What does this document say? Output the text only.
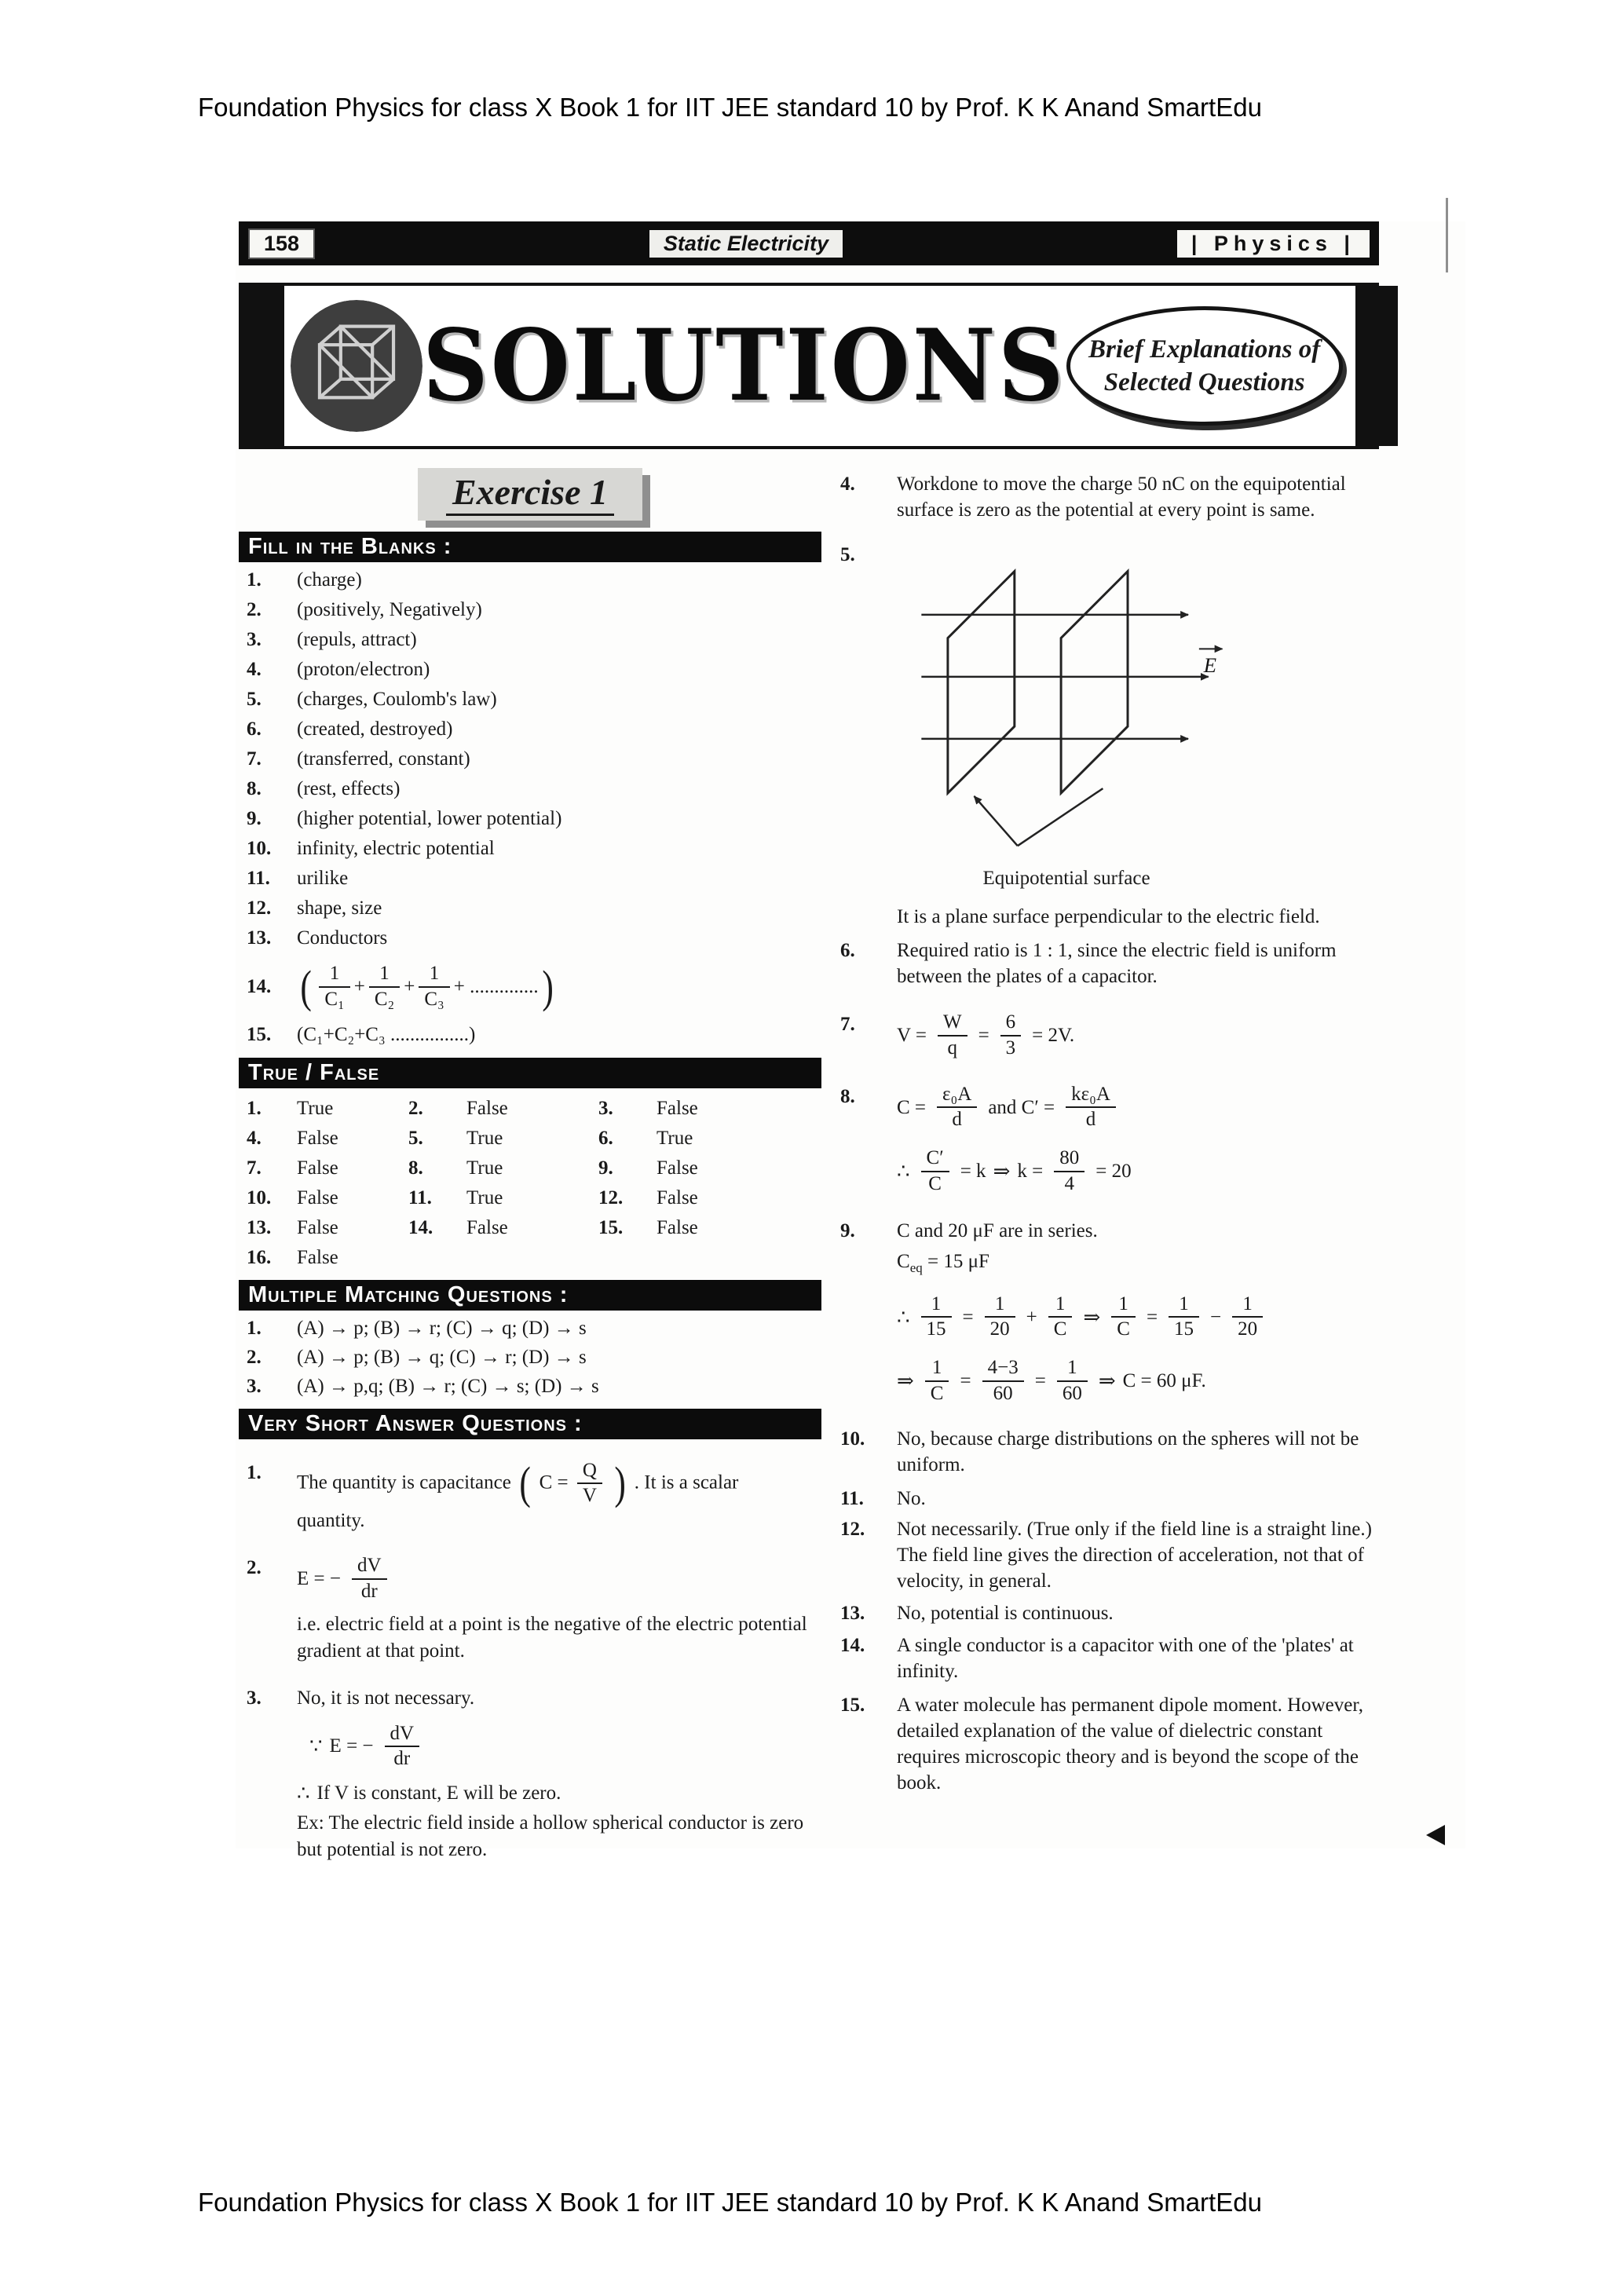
Foundation Physics for class X Book 1 for IIT JEE standard 10 by Prof. K K Anand SmartEdu
158	Static Electricity	| Physics |
SOLUTIONS Brief Explanations of
Selected Questions
Exercise 1
Fill in the Blanks :
1.	(charge)
2.	(positively, Negatively)
3.	(repuls, attract)
4.	(proton/electron)
5.	(charges, Coulomb's law)
6.	(created, destroyed)
7.	(transferred, constant)
8.	(rest, effects)
9.	(higher potential, lower potential)
10.	infinity, electric potential
11.	urilike
12.	shape, size
13.	Conductors
14. ( $\frac{1}{\text{C₁}} + \frac{1}{\text{C₂}} + \frac{1}{\text{C₃}}$ + .............. )
15.	(C₁+C₂+C₃ ................)
True / False
1.	True	2.	False	3.	False
4.	False	5.	True	6.	True
7.	False	8.	True	9.	False
10.	False	11.	True	12.	False
13.	False	14.	False	15.	False
16.	False
Multiple Matching Questions :
1.	(A) → p; (B) → r; (C) → q; (D) → s
2.	(A) → p; (B) → q; (C) → r; (D) → s
3.	(A) → p,q; (B) → r; (C) → s; (D) → s
Very Short Answer Questions :
1.	The quantity is capacitance ( $C = \frac{Q}{V}$ ) . It is a scalar quantity.
2.
E = − $\frac{dV}{dr}$
i.e. electric field at a point is the negative of the electric potential gradient at that point.
3.	No, it is not necessary.
∵ E = − $\frac{dV}{dr}$
∴ If V is constant, E will be zero.
Ex: The electric field inside a hollow spherical conductor is zero but potential is not zero.
4.	Workdone to move the charge 50 nC on the equipotential surface is zero as the potential at every point is same.
5.
E
Equipotential surface
It is a plane surface perpendicular to the electric field.
6.	Required ratio is 1 : 1, since the electric field is uniform between the plates of a capacitor.
7.
$V = \frac{W}{q} = \frac{6}{3} = 2V$.
8.
$C = \frac{\text{ε₀A}}{d}$ and $C' = \frac{\text{kε₀A}}{d}$
∴ $\frac{C'}{C} = k$ ⇒ $k = \frac{80}{4} = 20$
9.	C and 20 μF are in series.
$C_{eq} = 15$ μF
∴ $\frac{1}{15} = \frac{1}{20} + \frac{1}{C}$ ⇒ $\frac{1}{C} = \frac{1}{15} - \frac{1}{20}$
⇒ $\frac{1}{C} = \frac{4-3}{60} = \frac{1}{60}$ ⇒ C = 60 μF.
10.	No, because charge distributions on the spheres will not be uniform.
11.	No.
12.	Not necessarily. (True only if the field line is a straight line.) The field line gives the direction of acceleration, not that of velocity, in general.
13.	No, potential is continuous.
14.	A single conductor is a capacitor with one of the 'plates' at infinity.
15.	A water molecule has permanent dipole moment. However, detailed explanation of the value of dielectric constant requires microscopic theory and is beyond the scope of the book.
Foundation Physics for class X Book 1 for IIT JEE standard 10 by Prof. K K Anand SmartEdu
